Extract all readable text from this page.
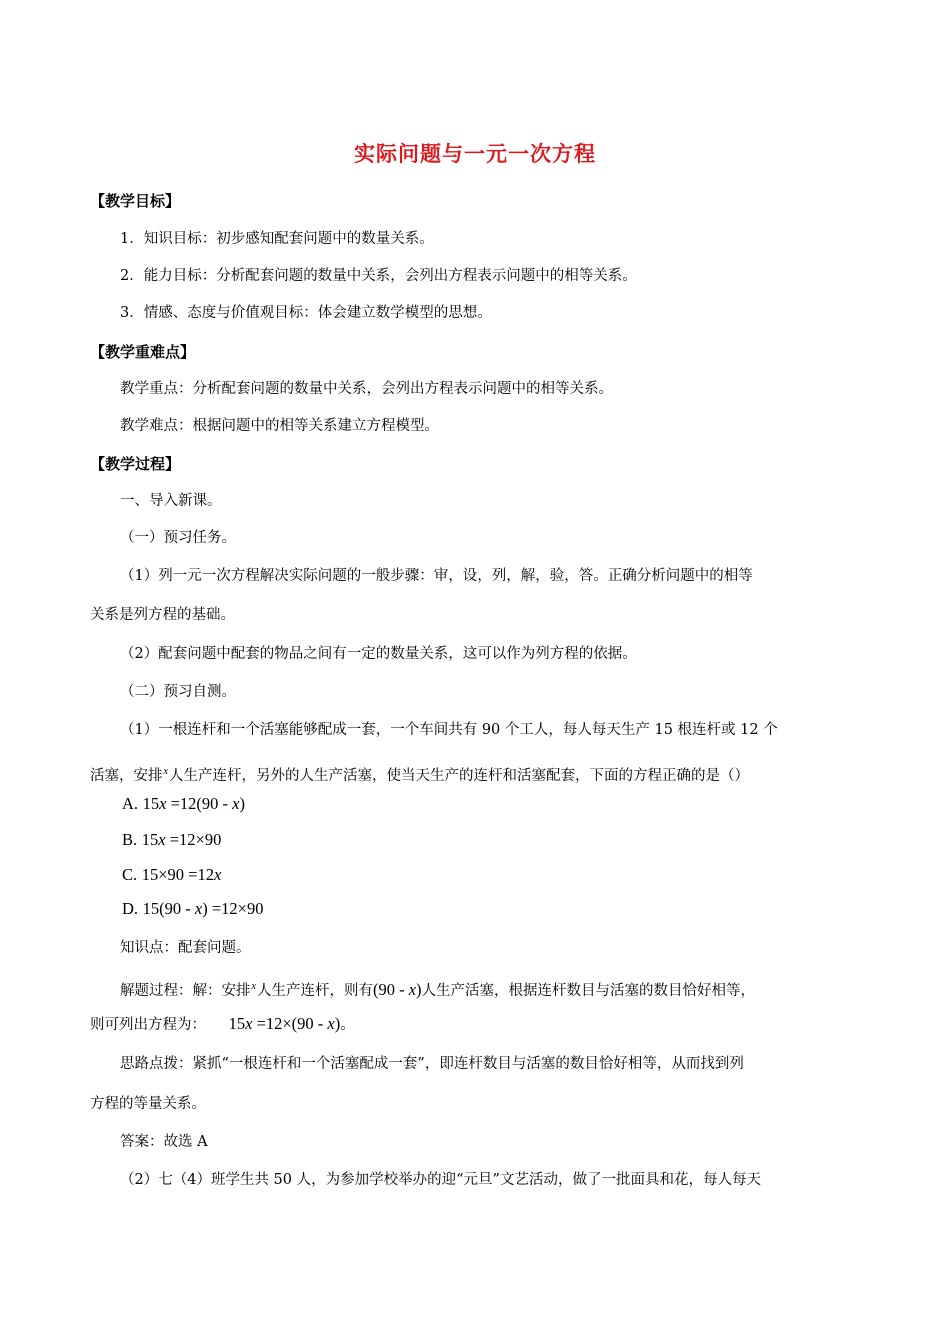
实际问题与一元一次方程
【教学目标】
1．知识目标：初步感知配套问题中的数量关系。
2．能力目标：分析配套问题的数量中关系，会列出方程表示问题中的相等关系。
3．情感、态度与价值观目标：体会建立数学模型的思想。
【教学重难点】
教学重点：分析配套问题的数量中关系，会列出方程表示问题中的相等关系。
教学难点：根据问题中的相等关系建立方程模型。
【教学过程】
一、导入新课。
（一）预习任务。
（1）列一元一次方程解决实际问题的一般步骤：审，设，列，解，验，答。正确分析问题中的相等
关系是列方程的基础。
（2）配套问题中配套的物品之间有一定的数量关系，这可以作为列方程的依据。
（二）预习自测。
（1）一根连杆和一个活塞能够配成一套，一个车间共有 90 个工人，每人每天生产 15 根连杆或 12 个
活塞，安排$^x$人生产连杆，另外的人生产活塞，使当天生产的连杆和活塞配套，下面的方程正确的是（）
A. 15x =12(90 - x)
B. 15x =12×90
C. 15×90 =12x
D. 15(90 - x) =12×90
知识点：配套问题。
解题过程：解：安排$^x$人生产连杆，则有(90 - x)人生产活塞，根据连杆数目与活塞的数目恰好相等，
则可列出方程为： 15x =12×(90 - x)。
思路点拨：紧抓“一根连杆和一个活塞配成一套”，即连杆数目与活塞的数目恰好相等，从而找到列
方程的等量关系。
答案：故选 A
（2）七（4）班学生共 50 人，为参加学校举办的迎“元旦”文艺活动，做了一批面具和花，每人每天
